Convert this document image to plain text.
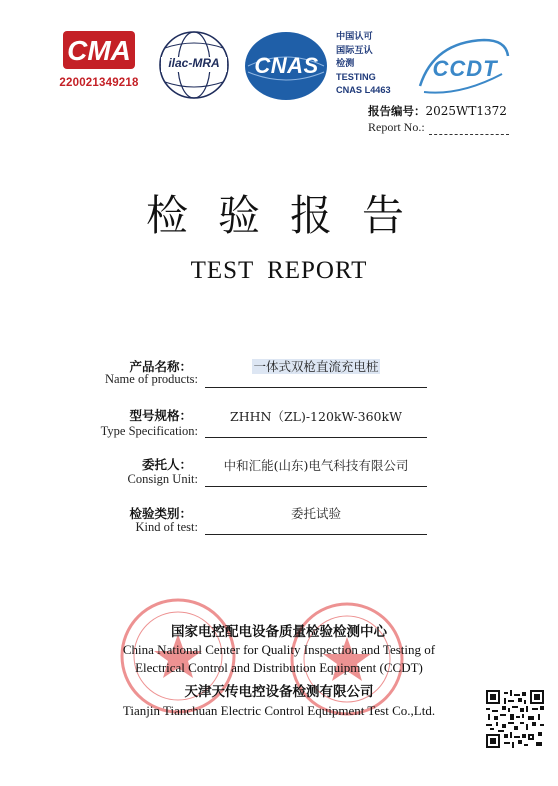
CMA
220021349218
ilac-MRA	CNAS
中国认可
国际互认
检测
TESTING
CNAS L4463
CCDT
报告编号：2025WT1372
Report No.:
检验报告
TEST REPORT
产品名称：
Name of products:
一体式双枪直流充电桩
型号规格：
Type Specification:
ZHHN（ZL)-120kW-360kW
委托人：
Consign Unit:
中和汇能(山东)电气科技有限公司
检验类别：
Kind of test:
委托试验
国家电控配电设备质量检验检测中心
China National Center for Quality Inspection and Testing of
Electrical Control and Distribution Equipment (CCDT)
天津天传电控设备检测有限公司
Tianjin Tianchuan Electric Control Equipment Test Co.,Ltd.
